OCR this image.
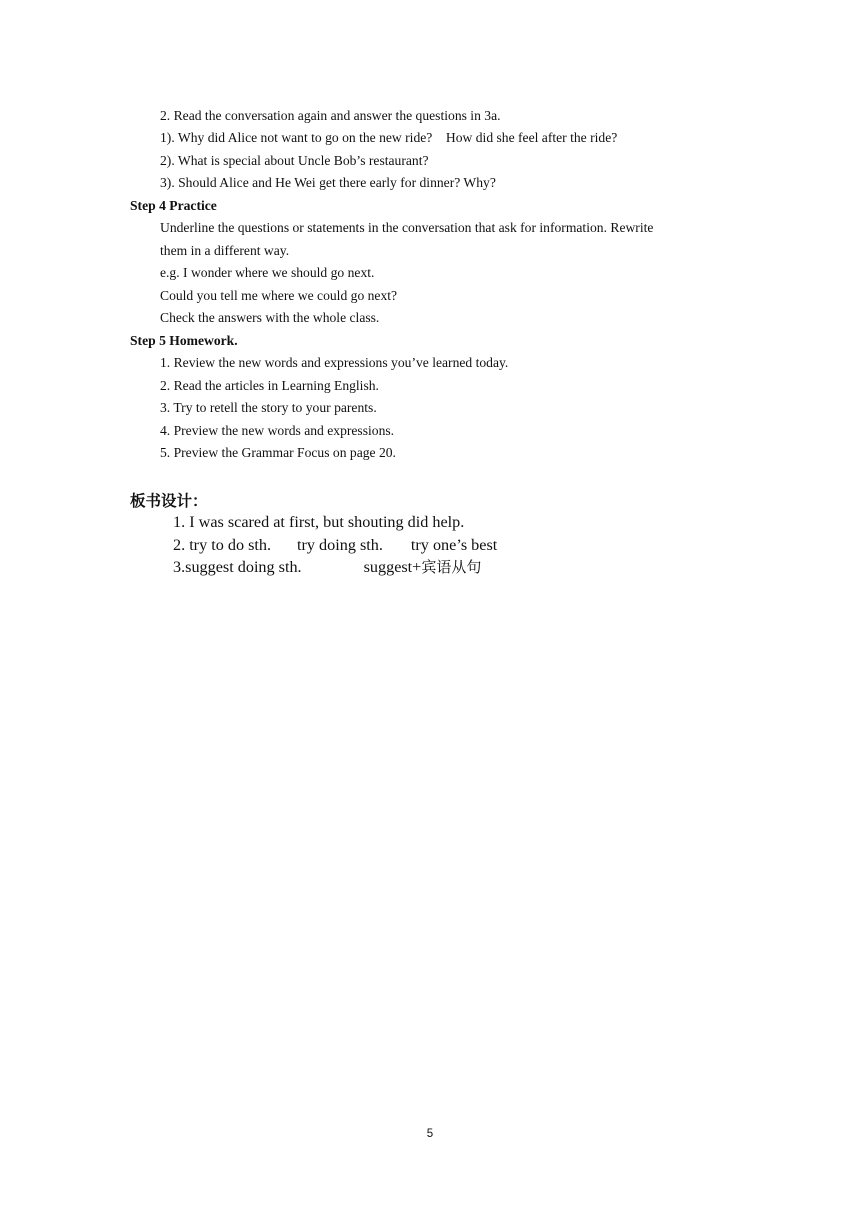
2. Read the conversation again and answer the questions in 3a.
1). Why did Alice not want to go on the new ride?    How did she feel after the ride?
2). What is special about Uncle Bob’s restaurant?
3). Should Alice and He Wei get there early for dinner? Why?
Step 4 Practice
Underline the questions or statements in the conversation that ask for information. Rewrite
them in a different way.
e.g. I wonder where we should go next.
Could you tell me where we could go next?
Check the answers with the whole class.
Step 5 Homework.
1. Review the new words and expressions you’ve learned today.
2. Read the articles in Learning English.
3. Try to retell the story to your parents.
4. Preview the new words and expressions.
5. Preview the Grammar Focus on page 20.
板书设计：
1. I was scared at first, but shouting did help.
2. try to do sth. try doing sth. try one’s best
3.suggest doing sth.	suggest+宾语从句
5
